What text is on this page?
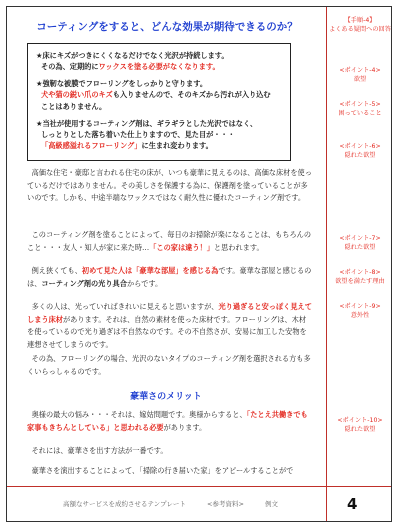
コーティングをすると、どんな効果が期待できるのか？

★床にキズがつきにくくなるだけでなく光沢が持続します。
その為、定期的にワックスを塗る必要がなくなります。

★強靭な被膜でフローリングをしっかりと守ります。
犬や猫の鋭い爪のキズも入りませんので、そのキズから汚れが入り込む
ことはありません。

★当社が使用するコーティング剤は、ギラギラとした光沢ではなく、
しっとりとした落ち着いた仕上りますので、見た目が・・・
「高級感溢れるフローリング」に生まれ変わります。

高価な住宅・豪邸と言われる住宅の床が、いつも豪華に見えるのは、高価な床材を使っているだけではありません。その美しさを保護する為に、保護剤を塗っていることが多いのです。しかも、中途半端なワックスではなく耐久性に優れたコーティング剤です。
このコーティング剤を塗ることによって、毎日のお掃除が楽になることは、もちろんのこと・・・友人・知人が家に来た時…「この家は違う！」と思われます。
例え狭くても、初めて見た人は「豪華な部屋」を感じる為です。豪華な部屋と感じるのは、コーティング剤の光り具合からです。
多くの人は、光っていればきれいに見えると思いますが、光り過ぎると安っぽく見えてしまう床材があります。それは、自然の素材を使った床材です。フローリングは、木材を使っているので光り過ぎは不自然なのです。その不自然さが、安易に加工した安物を連想させてしまうのです。
その為、フローリングの場合、光沢のないタイプのコーティング剤を選択される方も多くいらっしゃるのです。
豪華さのメリット
奥様の最大の悩み・・・それは、嫁姑問題です。奥様からすると、「たとえ共働きでも家事もきちんとしている」と思われる必要があります。
それには、豪華さを出す方法が一番です。
豪華さを演出することによって、「掃除の行き届いた家」をアピールすることがで
高額なサービスを成約させるテンプレート	<参考資料>	例文
【手順-4】
よくある疑問への回答
<ポイント-4>
欲望
<ポイント-5>
困っていること
<ポイント-6>
隠れた欲望
<ポイント-7>
隠れた欲望
<ポイント-8>
欲望を満たす理由
<ポイント-9>
意外性
<ポイント-10>
隠れた欲望
4
